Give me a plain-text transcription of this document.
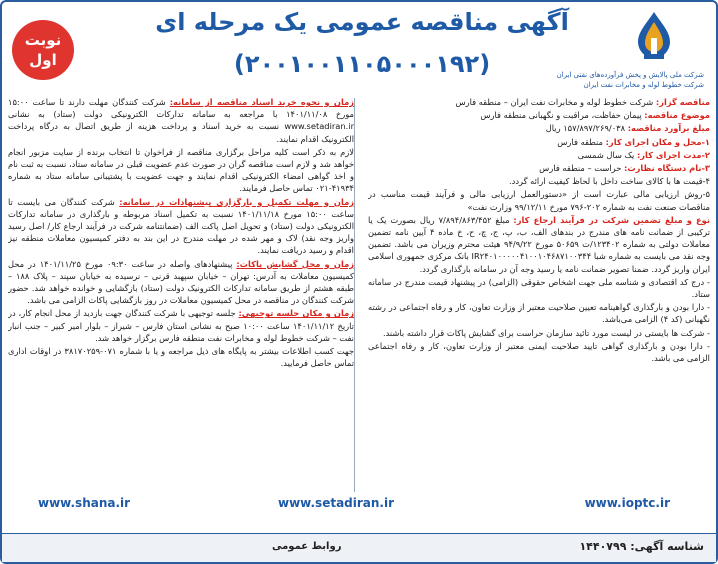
نوبت
اول
آگهی مناقصه عمومی یک مرحله ای
(۲۰۰۱۰۰۱۱۰۵۰۰۰۱۹۲)	شرکت ملی پالایش و پخش فرآورده‌های نفتی ایران
شرکت خطوط لوله و مخابرات نفت ایران

مناقصه گزار: شرکت خطوط لوله و مخابرات نفت ایران – منطقه فارس

موضوع مناقصه: پیمان حفاظت، مراقبت و نگهبانی منطقه فارس

مبلغ برآورد مناقصه: ۱۵۷/۸۹۷/۲۶۹/۰۳۸ ریال

۱-محل و مکان اجرای کار: منطقه فارس

۲-مدت اجرای کار: یک سال شمسی

۳-نام دستگاه نظارت: حراست – منطقه فارس

۴-قیمت ها با کالای ساخت داخل با لحاظ کیفیت ارائه گردد.

۵-روش ارزیابی مالی عبارت است از «دستورالعمل ارزیابی مالی و فرآیند قیمت مناسب در مناقصات صنعت نفت به شماره ۲۰۲-۷۹۶ مورخ ۹۹/۱۲/۱۱ وزارت نفت»

نوع و مبلغ تضمین شرکت در فرآیند ارجاع کار: مبلغ ۷/۸۹۴/۸۶۳/۴۵۲ ریال بصورت یک یا ترکیبی از ضمانت نامه های مندرج در بندهای الف، ب، پ، ج، چ، ح، خ ماده ۴ آیین نامه تضمین معاملات دولتی به شماره ۱۲۳۴۰۲/ت ۵۰۶۵۹ مورخ ۹۴/۹/۲۲ هیئت محترم وزیران می باشد. تضمین وجه نقد می بایست به شماره شبا IR۲۴۰۱۰۰۰۰۰۴۱۰۰۱۰۴۶۸۷۱۰۰۳۴۴ بانک مرکزی جمهوری اسلامی ایران واریز گردد. ضمنا تصویر ضمانت نامه یا رسید وجه آن در سامانه بارگذاری گردد.

- درج کد اقتصادی و شناسه ملی جهت اشخاص حقوقی (الزامی) در پیشنهاد قیمت مندرج در سامانه ستاد.

- دارا بودن و بارگذاری گواهینامه تعیین صلاحیت معتبر از وزارت تعاون، کار و رفاه اجتماعی در رشته نگهبانی (کد ۴) الزامی می‌باشد.

- شرکت ها بایستی در لیست مورد تائید سازمان حراست برای گشایش پاکات قرار داشته باشند.

- دارا بودن و بارگذاری گواهی تایید صلاحیت ایمنی معتبر از وزارت تعاون، کار و رفاه اجتماعی الزامی می باشد.

زمان و نحوه خرید اسناد مناقصه از سامانه: شرکت کنندگان مهلت دارند تا ساعت ۱۵:۰۰ مورخ ۱۴۰۱/۱۱/۰۸ با مراجعه به سامانه تدارکات الکترونیکی دولت (ستاد) به نشانی www.setadiran.ir نسبت به خرید اسناد و پرداخت هزینه از طریق اتصال به درگاه پرداخت الکترونیک اقدام نمایند.

لازم به ذکر است کلیه مراحل برگزاری مناقصه از فراخوان تا انتخاب برنده از سایت مزبور انجام خواهد شد و لازم است مناقصه گران در صورت عدم عضویت قبلی در سامانه ستاد، نسبت به ثبت نام و اخذ گواهی امضاء الکترونیکی اقدام نمایند و جهت عضویت با پشتیبانی سامانه ستاد به شماره ۴۱۹۳۴-۰۲۱ تماس حاصل فرمایند.

زمان و مهلت تکمیل و بارگزاری پیشنهادات در سامانه: شرکت کنندگان می بایست تا ساعت ۱۵:۰۰ مورخ ۱۴۰۱/۱۱/۱۸ نسبت به تکمیل اسناد مربوطه و بارگذاری در سامانه تدارکات الکترونیکی دولت (ستاد) و تحویل اصل پاکت الف (ضمانتنامه شرکت در فرآیند ارجاع کار/ اصل رسید واریز وجه نقد) لاک و مهر شده در مهلت مندرج در این بند به دفتر کمیسیون معاملات منطقه نیز اقدام و رسید دریافت نمایند.

زمان و محل گشایش پاکات: پیشنهادهای واصله در ساعت ۰۹:۳۰ مورخ ۱۴۰۱/۱۱/۲۵ در محل کمیسیون معاملات به آدرس: تهران – خیابان سپهبد قرنی – نرسیده به خیابان سپند – پلاک ۱۸۸ – طبقه هشتم از طریق سامانه تدارکات الکترونیک دولت (ستاد) بازگشایی و خوانده خواهد شد. حضور شرکت کنندگان در مناقصه در محل کمیسیون معاملات در روز بازگشایی پاکات الزامی می باشد.

زمان و مکان جلسه توجیهی: جلسه توجیهی با شرکت کنندگان جهت بازدید از محل انجام کار، در تاریخ ۱۴۰۱/۱۱/۱۲ ساعت ۱۰:۰۰ صبح به نشانی استان فارس – شیراز – بلوار امیر کبیر – جنب انبار نفت – شرکت خطوط لوله و مخابرات نفت منطقه فارس برگزار خواهد شد.

جهت کسب اطلاعات بیشتر به پایگاه های ذیل مراجعه و یا با شماره ۰۷۱-۳۸۱۷۰۲۵۹ در اوقات اداری تماس حاصل فرمایید.

www.ioptc.ir
www.setadiran.ir
www.shana.ir
شناسه آگهی: ۱۴۴۰۷۹۹
روابط عمومی
